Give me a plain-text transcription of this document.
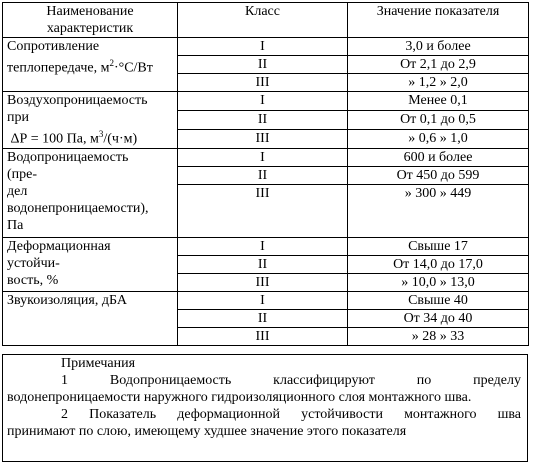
Наименование характеристик	Класс	Значение показателя
Сопротивление
теплопередаче, $м^2\cdot^\circ С/Вт$	I	3,0 и более
	II	От 2,1 до 2,9
	III	» 1,2 » 2,0
Воздухопроницаемость
при
ΔР = 100 Па, $м^3/(ч\cdot м)$	I	Менее 0,1
	II	От 0,1 до 0,5
	III	» 0,6 » 1,0
Водопроницаемость
(пре-
дел
водонепроницаемости),
Па	I	600 и более
	II	От 450 до 599
	III	» 300 » 449
Деформационная
устойчи-
вость, %	I	Свыше 17
	II	От 14,0 до 17,0
	III	» 10,0 » 13,0
Звукоизоляция, дБА	I	Свыше 40
	II	От 34 до 40
	III	» 28 » 33

Примечания

1 Водопроницаемость классифицируют по пределу

водонепроницаемости наружного гидроизоляционного слоя монтажного шва.

2 Показатель деформационной устойчивости монтажного шва

принимают по слою, имеющему худшее значение этого показателя
